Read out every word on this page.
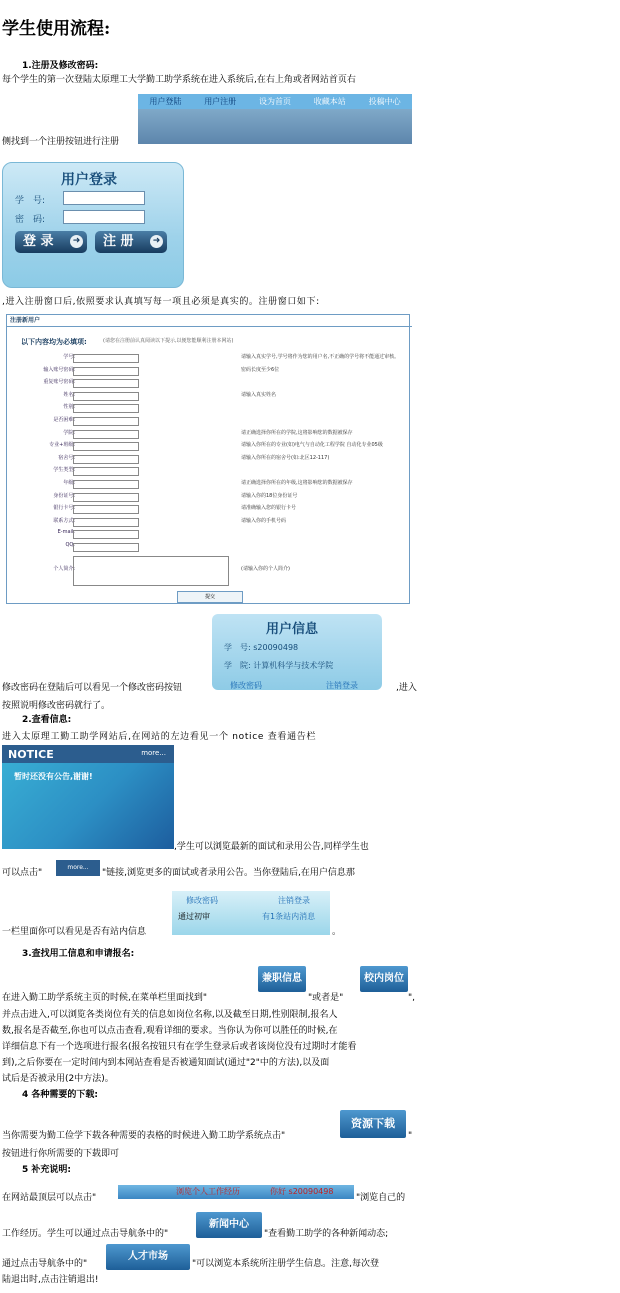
学生使用流程:
1.注册及修改密码:
每个学生的第一次登陆太原理工大学勤工助学系统在进入系统后,在右上角或者网站首页右
用户登陆	用户注册	设为首页	收藏本站	投稿中心
侧找到一个注册按钮进行注册
用户登录
学　号:
密　码:
登 录	➜	注 册	➜
,进入注册窗口后,依照要求认真填写每一项且必须是真实的。注册窗口如下:
注册新用户
以下内容均为必填项:	(请您在注册前认真阅读以下提示,以便您能顺利注册本网站)
学号:	请输入真实学号,学号将作为您的用户名,不正确的学号将不能通过审核。
输入账号密码:	密码长度至少6位
重复账号密码:
姓名:	请输入真实姓名
性别:
是否困难:
学院:	请正确选择你所在的学院,这将影响您的数据被保存
专业+班级:	请输入你所在的专业(如)电气与自动化工程学院 自动化专业05级
宿舍号:	请输入你所在的宿舍号(如:北区12-117)
学生类型:
年级:	请正确选择你所在的年级,这将影响您的数据被保存
身份证号:	请输入你的18位身份证号
银行卡号:	请准确输入您的银行卡号
联系方式:	请输入你的手机号码
E-mail:
QQ:
个人简介:	(请输入你的个人简介)
提交
修改密码在登陆后可以看见一个修改密码按钮
用户信息
学　号: s20090498
学　院: 计算机科学与技术学院
修改密码	注销登录	,进入
按照说明修改密码就行了。
2.查看信息:
进入太原理工勤工助学网站后,在网站的左边看见一个 notice 查看通告栏
NOTICE	more...
暂时还没有公告,谢谢!
,学生可以浏览最新的面试和录用公告,同样学生也
可以点击"
more...
"链接,浏览更多的面试或者录用公告。当你登陆后,在用户信息那
一栏里面你可以看见是否有站内信息
修改密码	注销登录
通过初审	有1条站内消息
。
3.查找用工信息和申请报名:
兼职信息	校内岗位
在进入勤工助学系统主页的时候,在菜单栏里面找到"	"或者是"	",
并点击进入,可以浏览各类岗位有关的信息如岗位名称,以及截至日期,性别限制,报名人
数,报名是否截至,你也可以点击查看,观看详细的要求。当你认为你可以胜任的时候,在
详细信息下有一个选项进行报名(报名按钮只有在学生登录后或者该岗位没有过期时才能看
到),之后你要在一定时间内到本网站查看是否被通知面试(通过"2"中的方法),以及面
试后是否被录用(2中方法)。
4 各种需要的下载:
资源下载
当你需要为勤工俭学下载各种需要的表格的时候进入勤工助学系统点击"	"
按钮进行你所需要的下载即可
5 补充说明:
在网站最顶层可以点击"
浏览个人工作经历	你好 s20090498
"浏览自己的
工作经历。学生可以通过点击导航条中的"
新闻中心
"查看勤工助学的各种新闻动态;
通过点击导航条中的"
人才市场
"可以浏览本系统所注册学生信息。注意,每次登
陆退出时,点击注销退出!
